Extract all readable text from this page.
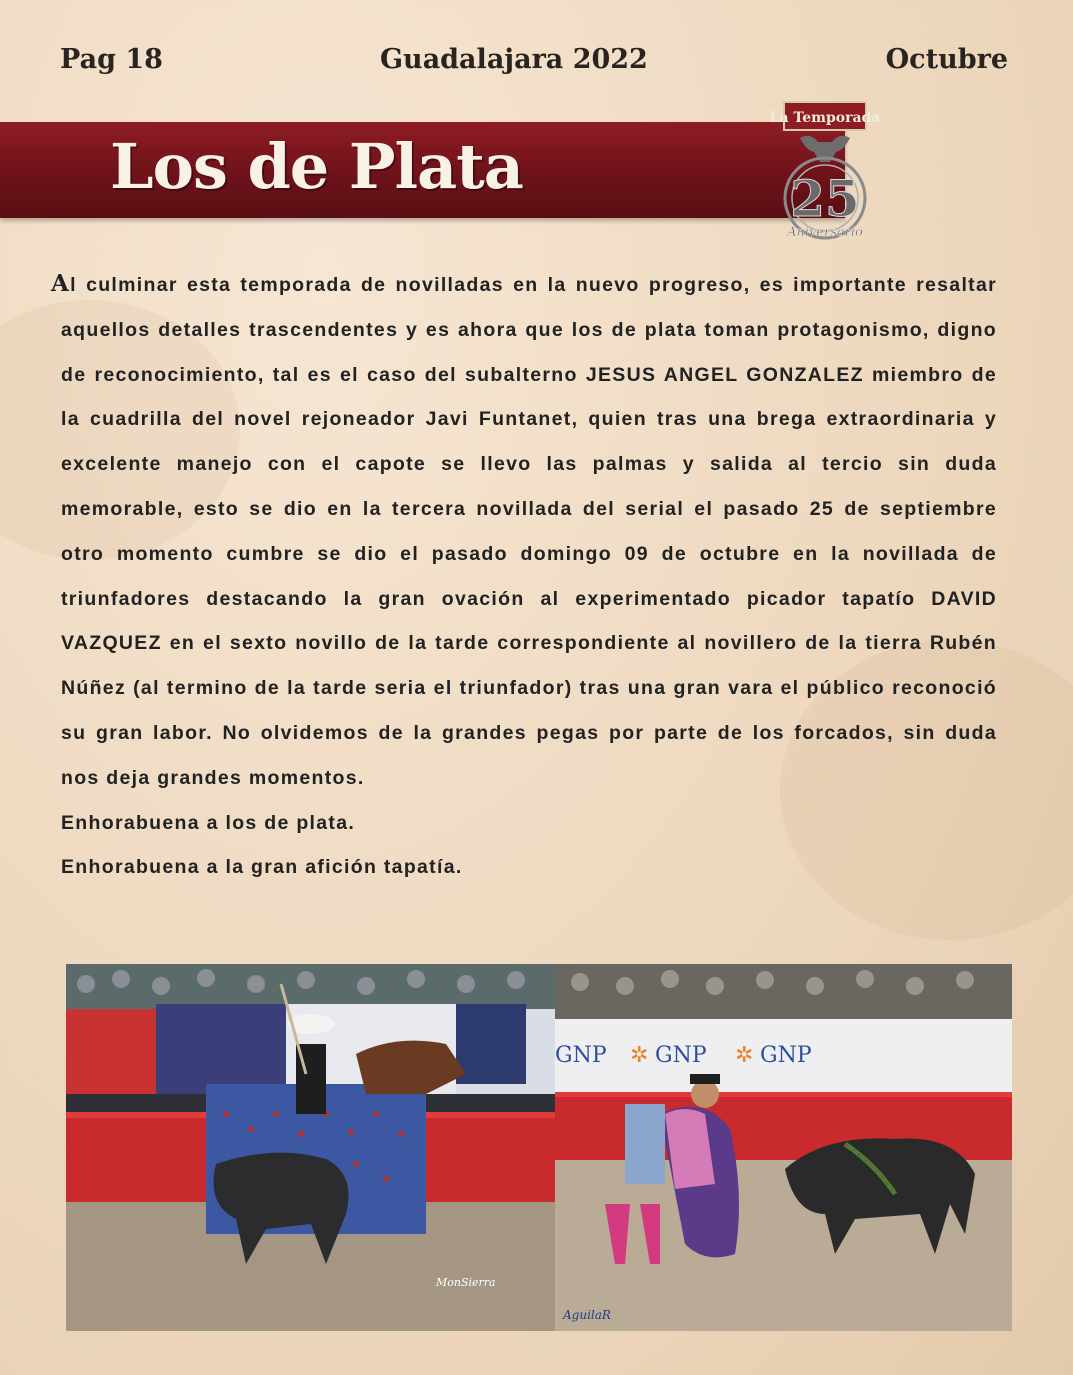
Pag 18	Guadalajara 2022	Octubre
Los de Plata
La Temporada
25
Aniversario

Al culminar esta temporada de novilladas en la nuevo progreso, es importante resaltar aquellos detalles trascendentes y es ahora que los de plata toman protagonismo, digno de reconocimiento, tal es el caso del subalterno JESUS ANGEL GONZALEZ miembro de la cuadrilla del novel rejoneador Javi Funtanet, quien tras una brega extraordinaria y excelente manejo con el capote se llevo las palmas y salida al tercio sin duda memorable, esto se dio en la tercera novillada del serial el pasado 25 de septiembre otro momento cumbre se dio el pasado domingo 09 de octubre en la novillada de triunfadores destacando la gran ovación al experimentado picador tapatío DAVID VAZQUEZ en el sexto novillo de la tarde correspondiente al novillero de la tierra Rubén Núñez (al termino de la tarde seria el triunfador) tras una gran vara el público reconoció su gran labor. No olvidemos de la grandes pegas por parte de los forcados, sin duda nos deja grandes momentos.

Enhorabuena a los de plata.

Enhorabuena a la gran afición tapatía.

MonSierra
GNP GNP GNP
✲	✲
AguilaR
